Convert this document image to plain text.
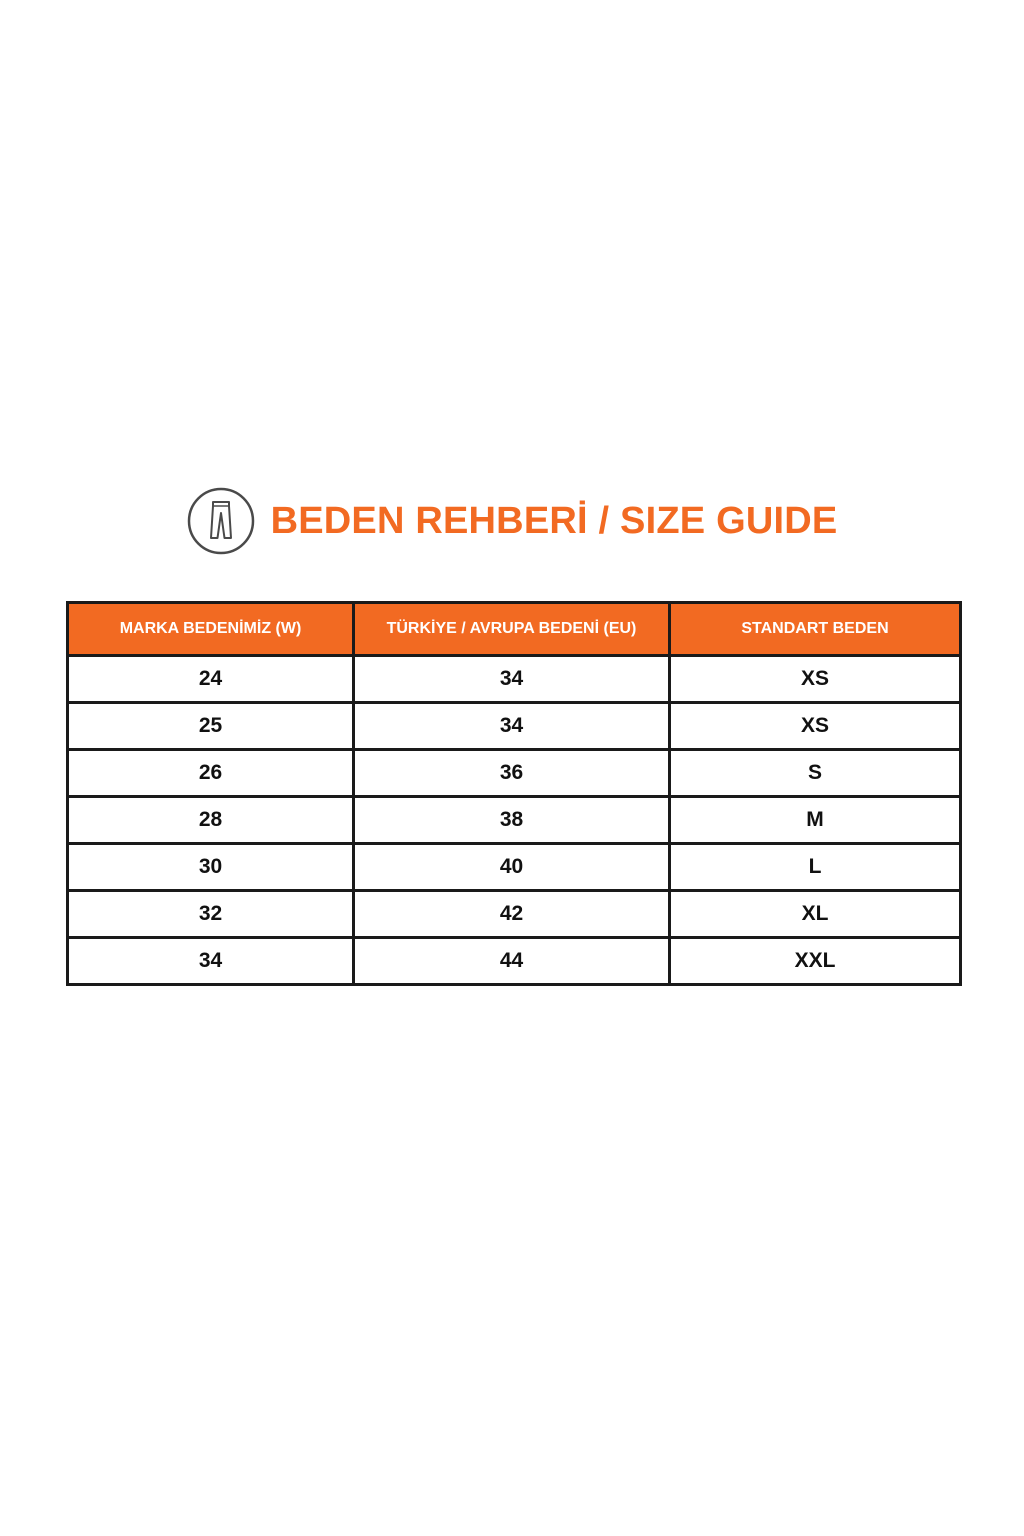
BEDEN REHBERİ / SIZE GUIDE
MARKA BEDENİMİZ (W)	TÜRKİYE / AVRUPA BEDENİ (EU)	STANDART BEDEN
24	34	XS
25	34	XS
26	36	S
28	38	M
30	40	L
32	42	XL
34	44	XXL
